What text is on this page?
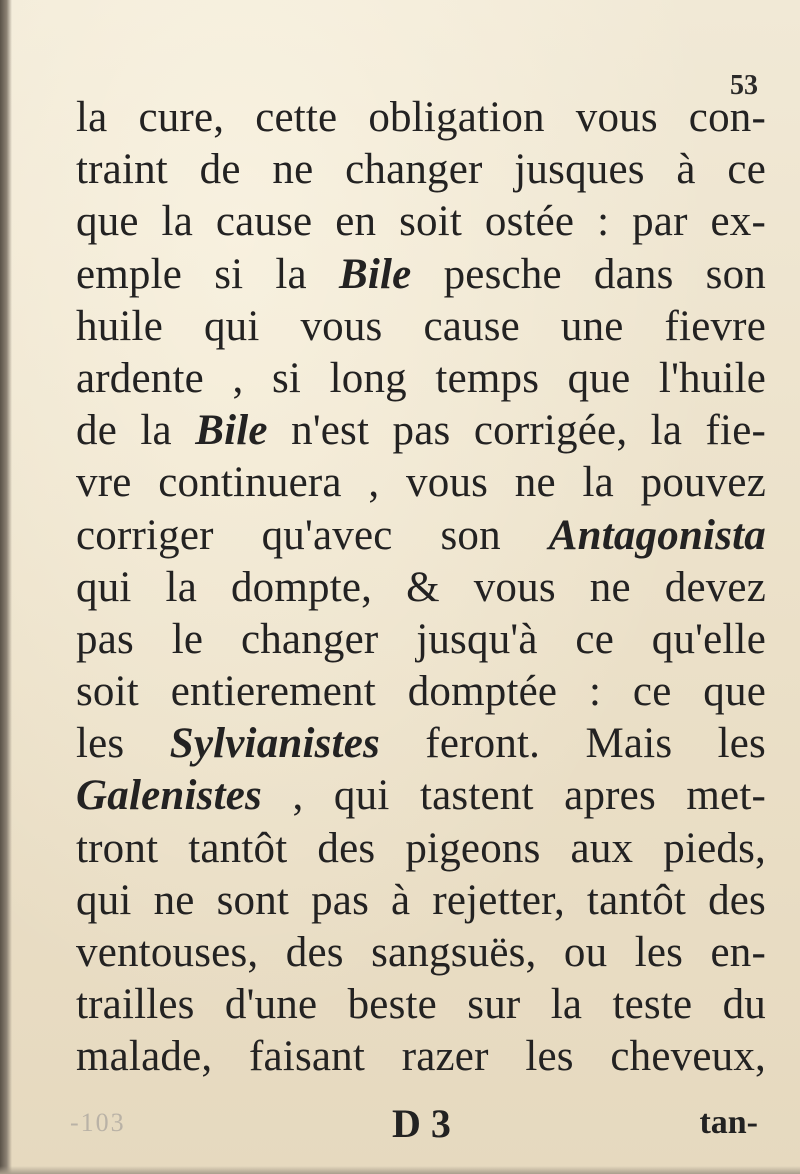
53
la cure, cette obligation vous con-
traint de ne changer jusques à ce
que la cause en soit ostée : par ex-
emple si la Bile pesche dans son
huile qui vous cause une fievre
ardente , si long temps que l'huile
de la Bile n'est pas corrigée, la fie-
vre continuera , vous ne la pouvez
corriger qu'avec son Antagonista
qui la dompte, & vous ne devez
pas le changer jusqu'à ce qu'elle
soit entierement domptée : ce que
les Sylvianistes feront. Mais les
Galenistes , qui tastent apres met-
tront tantôt des pigeons aux pieds,
qui ne sont pas à rejetter, tantôt des
ventouses, des sangsuës, ou les en-
trailles d'une beste sur la teste du
malade, faisant razer les cheveux,
-103	D 3	tan-
